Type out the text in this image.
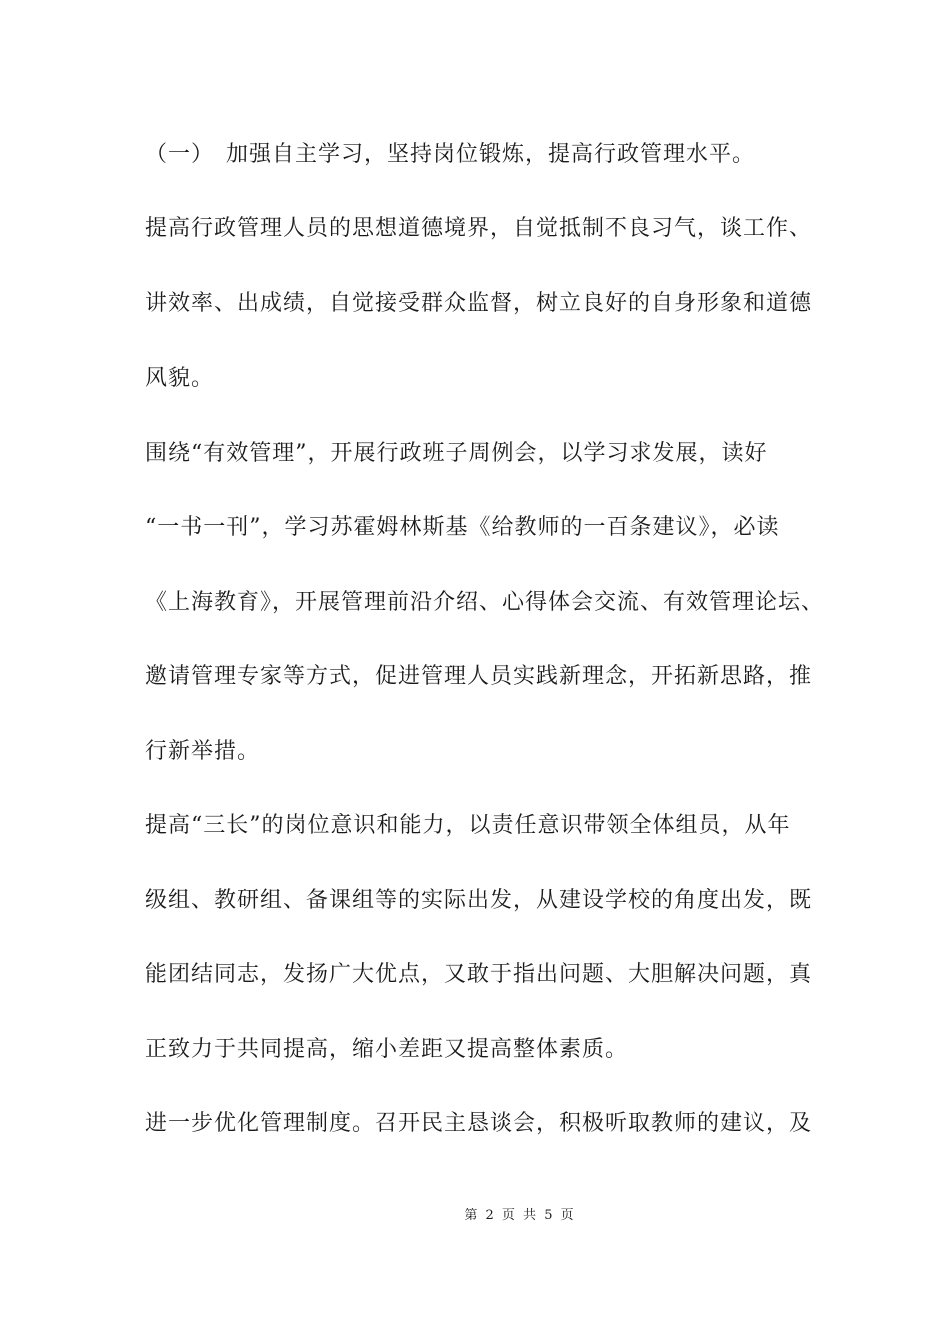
（一）　加强自主学习，坚持岗位锻炼，提高行政管理水平。
提高行政管理人员的思想道德境界，自觉抵制不良习气，谈工作、
讲效率、出成绩，自觉接受群众监督，树立良好的自身形象和道德
风貌。
围绕“有效管理”，开展行政班子周例会，以学习求发展，读好
“一书一刊”，学习苏霍姆林斯基《给教师的一百条建议》，必读
《上海教育》，开展管理前沿介绍、心得体会交流、有效管理论坛、
邀请管理专家等方式，促进管理人员实践新理念，开拓新思路，推
行新举措。
提高“三长”的岗位意识和能力，以责任意识带领全体组员，从年
级组、教研组、备课组等的实际出发，从建设学校的角度出发，既
能团结同志，发扬广大优点，又敢于指出问题、大胆解决问题，真
正致力于共同提高，缩小差距又提高整体素质。
进一步优化管理制度。召开民主恳谈会，积极听取教师的建议，及
第 2 页 共 5 页
